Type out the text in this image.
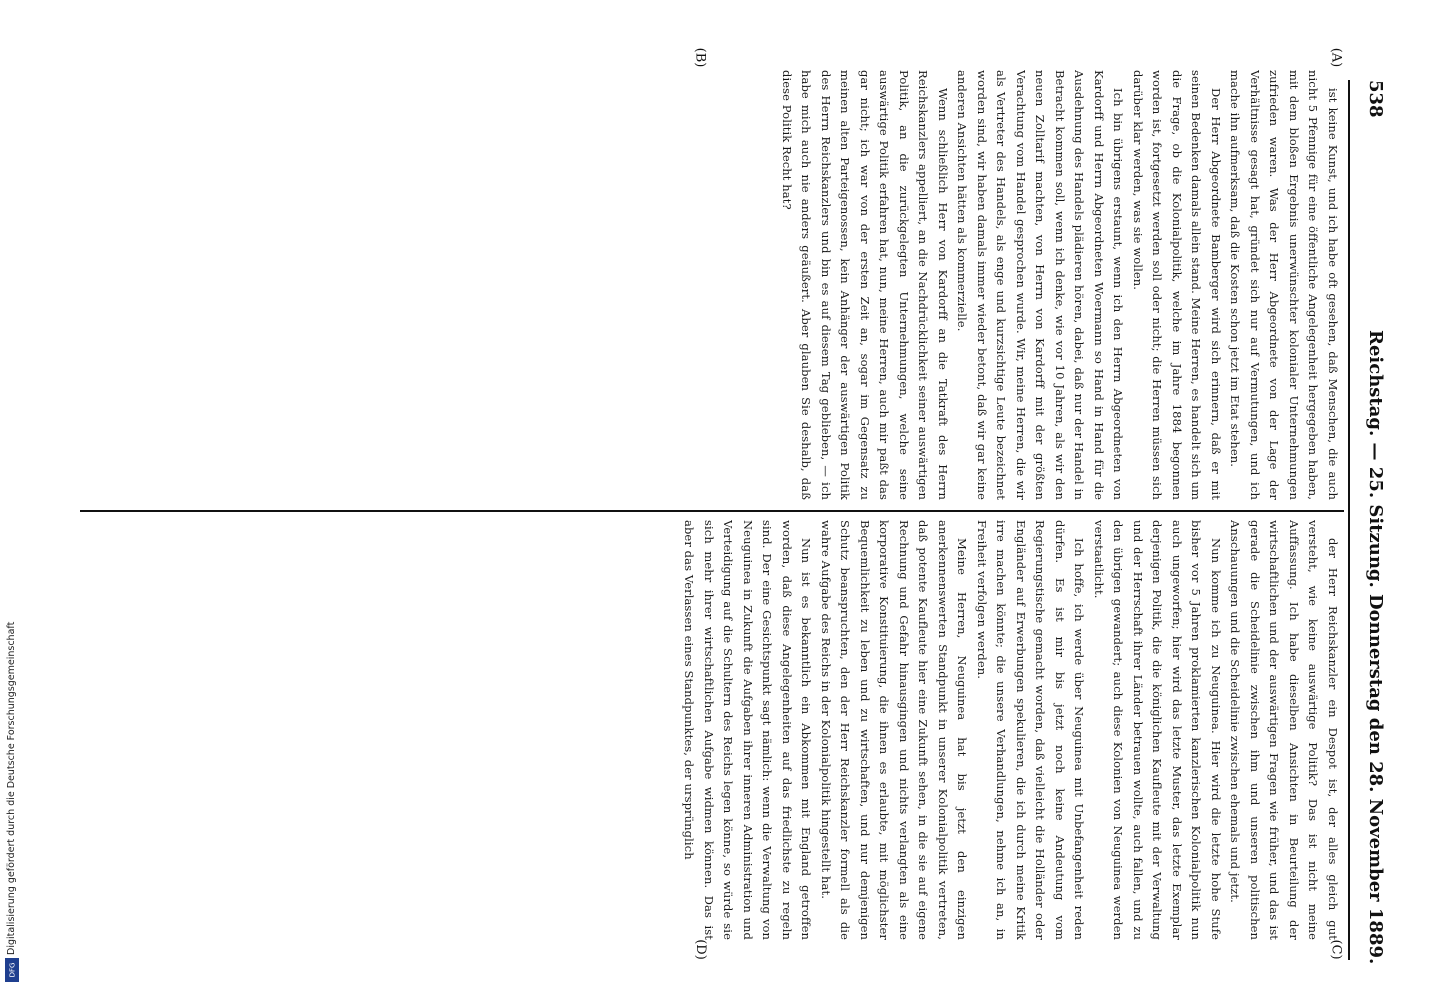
538
Reichstag. — 25. Sitzung. Donnerstag den 28. November 1889.
(A)
(B)
(C)
(D)

ist keine Kunst, und ich habe oft gesehen, daß Menschen, die auch nicht 5 Pfennige für eine öffentliche Angelegenheit hergegeben haben, mit dem bloßen Ergebnis unerwünschter kolonialer Unternehmungen zufrieden waren. Was der Herr Abgeordnete von der Lage der Verhältnisse gesagt hat, gründet sich nur auf Vermutungen, und ich mache ihn aufmerksam, daß die Kosten schon jetzt im Etat stehen.

Der Herr Abgeordnete Bamberger wird sich erinnern, daß er mit seinen Bedenken damals allein stand. Meine Herren, es handelt sich um die Frage, ob die Kolonialpolitik, welche im Jahre 1884 begonnen worden ist, fortgesetzt werden soll oder nicht; die Herren müssen sich darüber klar werden, was sie wollen.

Ich bin übrigens erstaunt, wenn ich den Herrn Abgeordneten von Kardorff und Herrn Abgeordneten Woermann so Hand in Hand für die Ausdehnung des Handels plädieren hören, dabei, daß nur der Handel in Betracht kommen soll, wenn ich denke, wie vor 10 Jahren, als wir den neuen Zolltarif machten, von Herrn von Kardorff mit der größten Verachtung vom Handel gesprochen wurde. Wir, meine Herren, die wir als Vertreter des Handels, als enge und kurzsichtige Leute bezeichnet worden sind, wir haben damals immer wieder betont, daß wir gar keine anderen Ansichten hätten als kommerzielle.

Wenn schließlich Herr von Kardorff an die Tatkraft des Herrn Reichskanzlers appelliert, an die Nachdrücklichkeit seiner auswärtigen Politik, an die zurückgelegten Unternehmungen, welche seine auswärtige Politik erfahren hat, nun, meine Herren, auch mir paßt das gar nicht; ich war von der ersten Zeit an, sogar im Gegensatz zu meinen alten Parteigenossen, kein Anhänger der auswärtigen Politik des Herrn Reichskanzlers und bin es auf diesem Tag geblieben, — ich habe mich auch nie anders geäußert. Aber glauben Sie deshalb, daß diese Politik Recht hat?

der Herr Reichskanzler ein Despot ist, der alles gleich gut versteht, wie keine auswärtige Politik? Das ist nicht meine Auffassung. Ich habe dieselben Ansichten in Beurteilung der wirtschaftlichen und der auswärtigen Fragen wie früher, und das ist gerade die Scheidelinie zwischen ihm und unseren politischen Anschauungen und die Scheidelinie zwischen ehemals und jetzt.

Nun komme ich zu Neuguinea. Hier wird die letzte hohe Stufe bisher vor 5 Jahren proklamierten kanzlerischen Kolonialpolitik nun auch ungeworfen; hier wird das letzte Muster, das letzte Exemplar derjenigen Politik, die die königlichen Kaufleute mit der Verwaltung und der Herrschaft ihrer Länder betrauen wollte, auch fallen, und zu den übrigen gewandert; auch diese Kolonien von Neuguinea werden verstaatlicht.

Ich hoffe, ich werde über Neuguinea mit Unbefangenheit reden dürfen. Es ist mir bis jetzt noch keine Andeutung vom Regierungstische gemacht worden, daß vielleicht die Holländer oder Engländer auf Erwerbungen spekulieren, die ich durch meine Kritik irre machen könnte; die unsere Verhandlungen, nehme ich an, in Freiheit verfolgen werden.

Meine Herren, Neuguinea hat bis jetzt den einzigen anerkennenswerten Standpunkt in unserer Kolonialpolitik vertreten, daß potente Kaufleute hier eine Zukunft sehen, in die sie auf eigene Rechnung und Gefahr hinausgingen und nichts verlangten als eine korporative Konstituierung, die ihnen es erlaubte, mit möglichster Bequemlichkeit zu leben und zu wirtschaften, und nur demjenigen Schutz beanspruchten, den der Herr Reichskanzler formell als die wahre Aufgabe des Reichs in der Kolonialpolitik hingestellt hat.

Nun ist es bekanntlich ein Abkommen mit England getroffen worden, daß diese Angelegenheiten auf das friedlichste zu regeln sind. Der eine Gesichtspunkt sagt nämlich: wenn die Verwaltung von Neuguinea in Zukunft die Aufgaben ihrer inneren Administration und Verteidigung auf die Schultern des Reichs legen könne, so würde sie sich mehr ihrer wirtschaftlichen Aufgabe widmen können. Das ist aber das Verlassen eines Standpunktes, der ursprünglich

Digitalisierung gefördert durch die Deutsche Forschungsgemeinschaft
DFG
